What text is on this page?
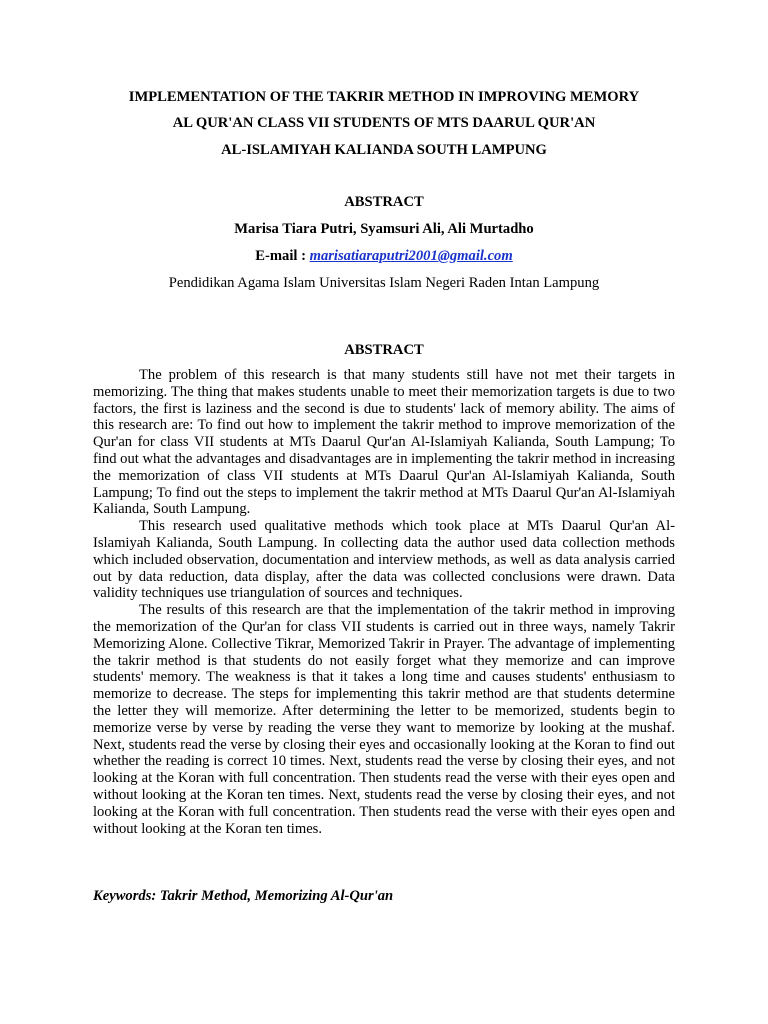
IMPLEMENTATION OF THE TAKRIR METHOD IN IMPROVING MEMORY
AL QUR'AN CLASS VII STUDENTS OF MTS DAARUL QUR'AN
AL-ISLAMIYAH KALIANDA SOUTH LAMPUNG
ABSTRACT
Marisa Tiara Putri, Syamsuri Ali, Ali Murtadho
E-mail : marisatiaraputri2001@gmail.com
Pendidikan Agama Islam Universitas Islam Negeri Raden Intan Lampung
ABSTRACT

The problem of this research is that many students still have not met their targets in memorizing. The thing that makes students unable to meet their memorization targets is due to two factors, the first is laziness and the second is due to students' lack of memory ability. The aims of this research are: To find out how to implement the takrir method to improve memorization of the Qur'an for class VII students at MTs Daarul Qur'an Al-Islamiyah Kalianda, South Lampung; To find out what the advantages and disadvantages are in implementing the takrir method in increasing the memorization of class VII students at MTs Daarul Qur'an Al-Islamiyah Kalianda, South Lampung; To find out the steps to implement the takrir method at MTs Daarul Qur'an Al-Islamiyah Kalianda, South Lampung.

This research used qualitative methods which took place at MTs Daarul Qur'an Al-Islamiyah Kalianda, South Lampung. In collecting data the author used data collection methods which included observation, documentation and interview methods, as well as data analysis carried out by data reduction, data display, after the data was collected conclusions were drawn. Data validity techniques use triangulation of sources and techniques.

The results of this research are that the implementation of the takrir method in improving the memorization of the Qur'an for class VII students is carried out in three ways, namely Takrir Memorizing Alone. Collective Tikrar, Memorized Takrir in Prayer. The advantage of implementing the takrir method is that students do not easily forget what they memorize and can improve students' memory. The weakness is that it takes a long time and causes students' enthusiasm to memorize to decrease. The steps for implementing this takrir method are that students determine the letter they will memorize. After determining the letter to be memorized, students begin to memorize verse by verse by reading the verse they want to memorize by looking at the mushaf. Next, students read the verse by closing their eyes and occasionally looking at the Koran to find out whether the reading is correct 10 times. Next, students read the verse by closing their eyes, and not looking at the Koran with full concentration. Then students read the verse with their eyes open and without looking at the Koran ten times. Next, students read the verse by closing their eyes, and not looking at the Koran with full concentration. Then students read the verse with their eyes open and without looking at the Koran ten times.

Keywords: Takrir Method, Memorizing Al-Qur'an
